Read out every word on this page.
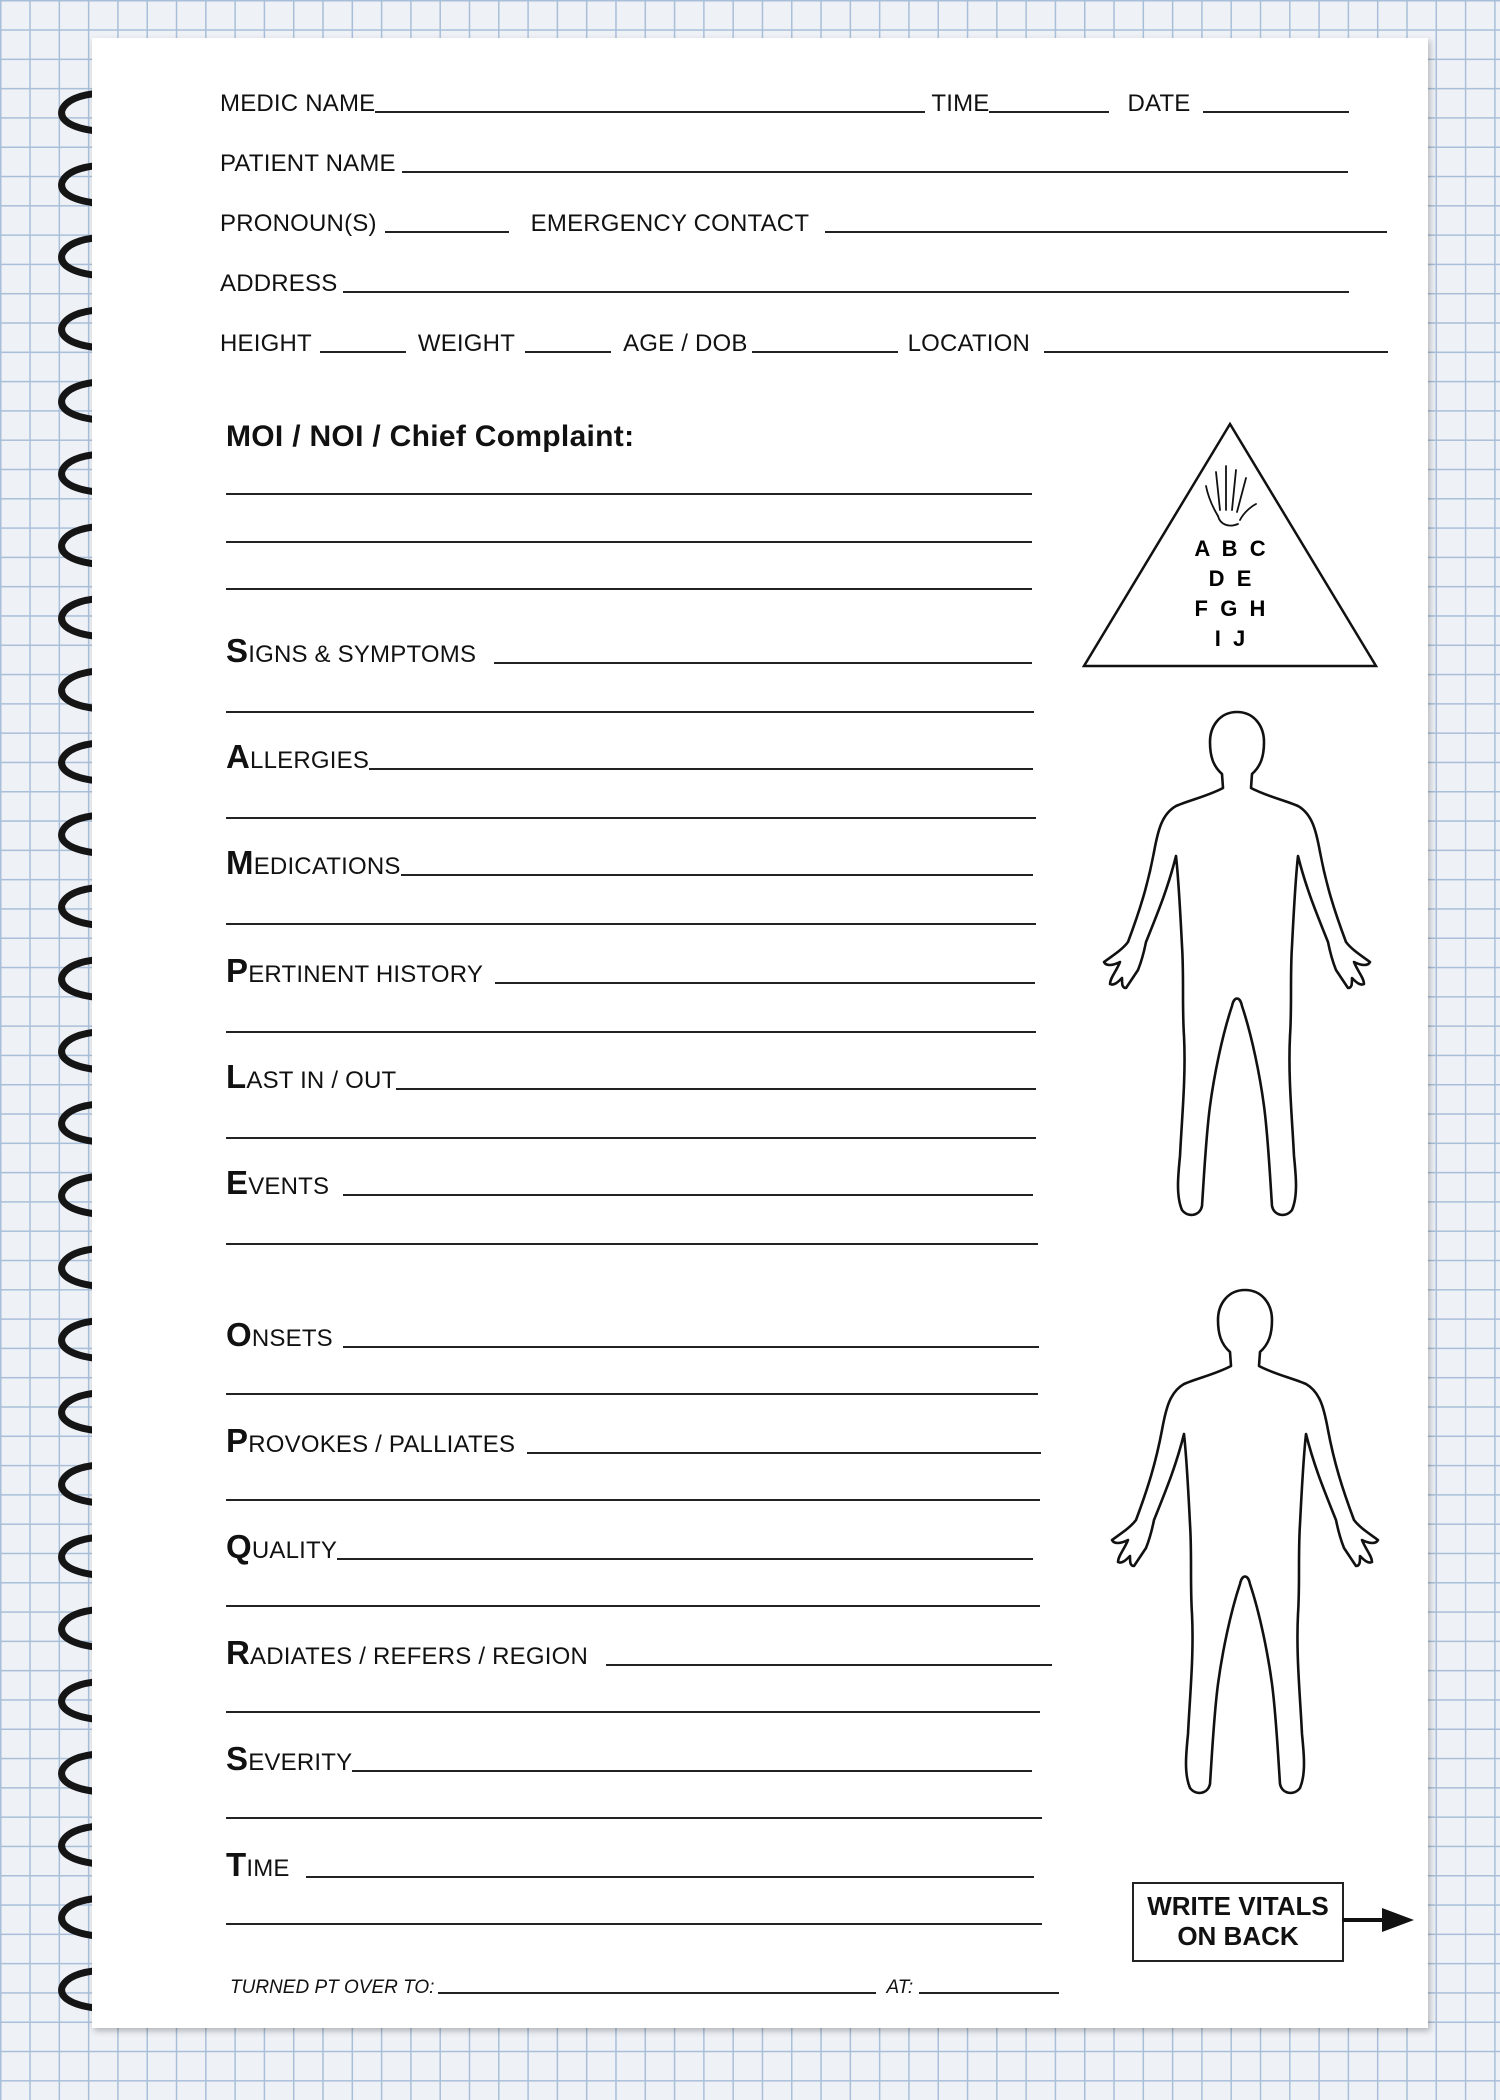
MEDIC NAME	TIME	DATE
PATIENT NAME
PRONOUN(S)	EMERGENCY CONTACT
ADDRESS
HEIGHT	WEIGHT	AGE / DOB	LOCATION
MOI / NOI / Chief Complaint:
SIGNS & SYMPTOMS
ALLERGIES
MEDICATIONS
PERTINENT HISTORY
LAST IN / OUT
EVENTS
ONSETS
PROVOKES / PALLIATES
QUALITY
RADIATES / REFERS / REGION
SEVERITY
TIME
TURNED PT OVER TO:	AT:
A  B  C
D  E
F  G  H
I  J
WRITE VITALS
ON BACK
